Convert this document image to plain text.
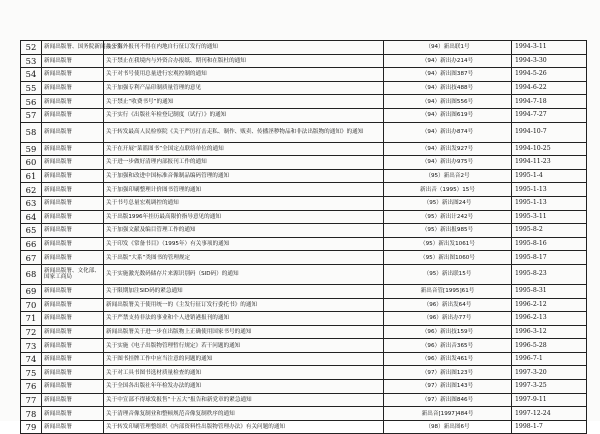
52	新闻出版署、国务院新闻办公室	关于海外报刊不得在内地自行征订发行的通知	（94）新出联1号	1994-3-11
53	新闻出版署	关于禁止在我境内与外资合办报纸、期刊和在版杜的通知	（94）新出办214号	1994-3-30
54	新闻出版署	关于对书号使用总量进行宏观控制的通知	（94）新出图387号	1994-5-26
55	新闻出版署	关于加强专利产品印制质量管理的意见	（94）新出技488号	1994-6-22
56	新闻出版署	关于禁止“收费书号”的通知	（94）新出图556号	1994-7-18
57	新闻出版署	关于实行《出版社年检登记制度（试行）》的通知	（94）新出图619号	1994-7-27
58	新闻出版署	关于转发最高人民检察院《关于严厉打击走私、制作、贩卖、传播淫秽物品和非法出版物的通知》的通知	（94）新出办874号	1994-10-7
59	新闻出版署	关于在开展“菜篮图书”全国定点联络单位的通知	（94）新出发927号	1994-10-25
60	新闻出版署	关于进一步做好清理内部报刊工作的通知	（94）新出办975号	1994-11-23
61	新闻出版署	关于加强和改进中国标准音像制品编码管理的通知	（95）新出音2号	1995-1-4
62	新闻出版署	关于加强印刷整理计价图书管理的通知	新出音（1995）15号	1995-1-13
63	新闻出版署	关于书号总量宏观调控的通知	（95）新出图24号	1995-1-13
64	新闻出版署	关于出版1996年挂历最高限价指导意见的通知	（95）新出计242号	1995-3-11
65	新闻出版署	关于加强文献及编目管理工作的通知	（95）新出报985号	1995-8-2
66	新闻出版署	关于印发《常备书目》（1995年）有关事项的通知	（95）新出发1061号	1995-8-16
67	新闻出版署	关于出版“大系”类图书的管理规定	（95）新出图1060号	1995-8-17
68	新闻出版署、文化部、国家工商局	关于实施激光数码储存片来源识别码（SID码）的通知	（95）新出联15号	1995-8-23
69	新闻出版署	关于限期加注SID码的紧急通知	新出音管[1995]61号	1995-8-31
70	新闻出版署	新闻出版署关于使用统一的《主发行征订发行委托书》的通知	（96）新出发64号	1996-2-12
71	新闻出版署	关于严禁支持非法的事业和个人进销港报刊的通知	（96）新出办77号	1996-2-13
72	新闻出版署	新闻出版署关于进一步在出版物上正确使用国家书号的通知	（96）新出技159号	1996-3-12
73	新闻出版署	关于实施《电子出版物管理暂行规定》若干问题的通知	（96）新出音365号	1996-5-28
74	新闻出版署	关于图书挂牌工作中应当注意的问题的通知	（96）新出发461号	1996-7-1
75	新闻出版署	关于对工具书图书选材质量检查的通知	（97）新出图123号	1997-3-20
76	新闻出版署	关于全国各出版社年年检发办法的通知	（97）新出图143号	1997-3-25
77	新闻出版署	关于中宣部不得球发报售“十五大”报告和新党章的紧急通知	（97）新出图846号	1997-9-11
78	新闻出版署	关于清理音像复制业和整顿规范音像复制秩序的通知	新出音[1997]484号	1997-12-24
79	新闻出版署	关于转发印刷管理整组织《内部资料性出版物管理办法》有关问题的通知	（98）新出图6号	1998-1-7
